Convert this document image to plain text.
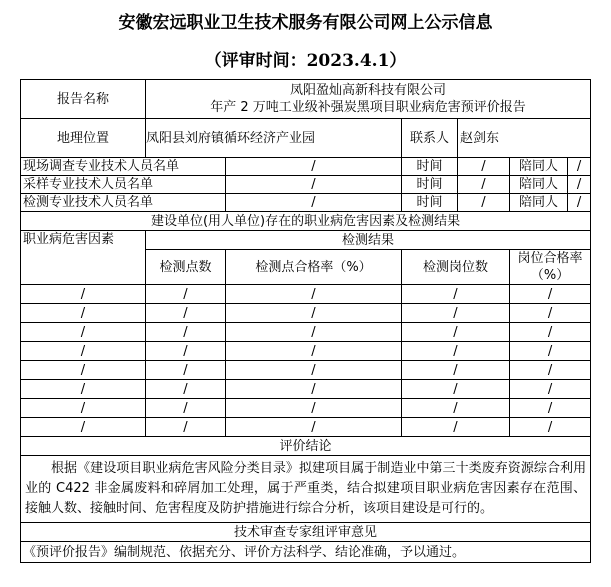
安徽宏远职业卫生技术服务有限公司网上公示信息
（评审时间：2023.4.1）
报告名称	凤阳盈灿高新科技有限公司
年产 2 万吨工业级补强炭黑项目职业病危害预评价报告					

地理位置	凤阳县刘府镇循环经济产业园		联系人	赵剑东		
现场调查专业技术人员名单		/	时间	/	陪同人	/
采样专业技术人员名单		/	时间	/	陪同人	/
检测专业技术人员名单		/	时间	/	陪同人	/
建设单位(用人单位)存在的职业病危害因素及检测结果						
职业病危害因素	检测结果					
	检测点数	检测点合格率（%）	检测岗位数		岗位合格率（%）	
/	/	/	/		/	
/	/	/	/		/	
/	/	/	/		/	
/	/	/	/		/	
/	/	/	/		/	
/	/	/	/		/	
/	/	/	/		/	
/	/	/	/		/	
评价结论						
根据《建设项目职业病危害风险分类目录》拟建项目属于制造业中第三十类废弃资源综合利用业的 C422 非金属废料和碎屑加工处理，属于严重类，结合拟建项目职业病危害因素存在范围、接触人数、接触时间、危害程度及防护措施进行综合分析，该项目建设是可行的。						
技术审查专家组评审意见						
《预评价报告》编制规范、依据充分、评价方法科学、结论准确，予以通过。						
